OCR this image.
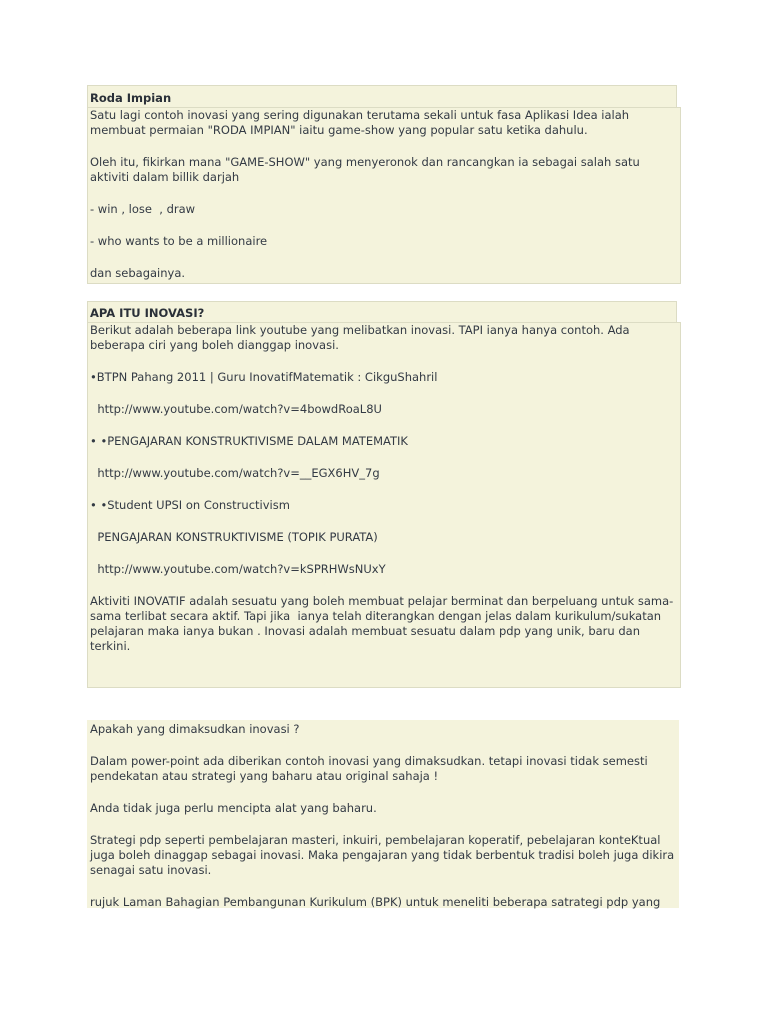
Roda Impian

Satu lagi contoh inovasi yang sering digunakan terutama sekali untuk fasa Aplikasi Idea ialah membuat permaian "RODA IMPIAN" iaitu game-show yang popular satu ketika dahulu.

Oleh itu, fikirkan mana "GAME-SHOW" yang menyeronok dan rancangkan ia sebagai salah satu aktiviti dalam billik darjah

- win , lose  , draw

- who wants to be a millionaire

dan sebagainya.

APA ITU INOVASI?

Berikut adalah beberapa link youtube yang melibatkan inovasi. TAPI ianya hanya contoh. Ada beberapa ciri yang boleh dianggap inovasi.

•BTPN Pahang 2011 | Guru InovatifMatematik : CikguShahril

http://www.youtube.com/watch?v=4bowdRoaL8U

• •PENGAJARAN KONSTRUKTIVISME DALAM MATEMATIK

http://www.youtube.com/watch?v=__EGX6HV_7g

• •Student UPSI on Constructivism

PENGAJARAN KONSTRUKTIVISME (TOPIK PURATA)

http://www.youtube.com/watch?v=kSPRHWsNUxY

Aktiviti INOVATIF adalah sesuatu yang boleh membuat pelajar berminat dan berpeluang untuk sama-sama terlibat secara aktif. Tapi jika  ianya telah diterangkan dengan jelas dalam kurikulum/sukatan pelajaran maka ianya bukan . Inovasi adalah membuat sesuatu dalam pdp yang unik, baru dan terkini.

Apakah yang dimaksudkan inovasi ?

Dalam power-point ada diberikan contoh inovasi yang dimaksudkan. tetapi inovasi tidak semesti pendekatan atau strategi yang baharu atau original sahaja !

Anda tidak juga perlu mencipta alat yang baharu.

Strategi pdp seperti pembelajaran masteri, inkuiri, pembelajaran koperatif, pebelajaran konteKtual juga boleh dinaggap sebagai inovasi. Maka pengajaran yang tidak berbentuk tradisi boleh juga dikira senagai satu inovasi.

rujuk Laman Bahagian Pembangunan Kurikulum (BPK) untuk meneliti beberapa satrategi pdp yang
